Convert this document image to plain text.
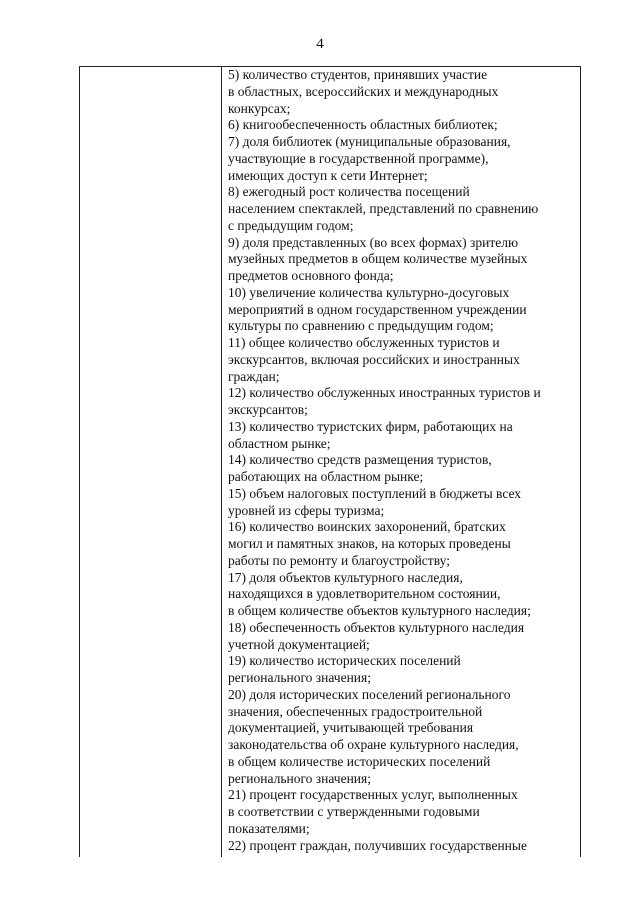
4
5) количество студентов, принявших участие
в областных, всероссийских и международных
конкурсах;
6) книгообеспеченность областных библиотек;
7) доля библиотек (муниципальные образования,
участвующие в государственной программе),
имеющих доступ к сети Интернет;
8) ежегодный рост количества посещений
населением спектаклей, представлений по сравнению
с предыдущим годом;
9) доля представленных (во всех формах) зрителю
музейных предметов в общем количестве музейных
предметов основного фонда;
10) увеличение количества культурно-досуговых
мероприятий в одном государственном учреждении
культуры по сравнению с предыдущим годом;
11) общее количество обслуженных туристов и
экскурсантов, включая российских и иностранных
граждан;
12) количество обслуженных иностранных туристов и
экскурсантов;
13) количество туристских фирм, работающих на
областном рынке;
14) количество средств размещения туристов,
работающих на областном рынке;
15) объем налоговых поступлений в бюджеты всех
уровней из сферы туризма;
16) количество воинских захоронений, братских
могил и памятных знаков, на которых проведены
работы по ремонту и благоустройству;
17) доля объектов культурного наследия,
находящихся в удовлетворительном состоянии,
в общем количестве объектов культурного наследия;
18) обеспеченность объектов культурного наследия
учетной документацией;
19) количество исторических поселений
регионального значения;
20) доля исторических поселений регионального
значения, обеспеченных градостроительной
документацией, учитывающей требования
законодательства об охране культурного наследия,
в общем количестве исторических поселений
регионального значения;
21) процент государственных услуг, выполненных
в соответствии с утвержденными годовыми
показателями;
22) процент граждан, получивших государственные
